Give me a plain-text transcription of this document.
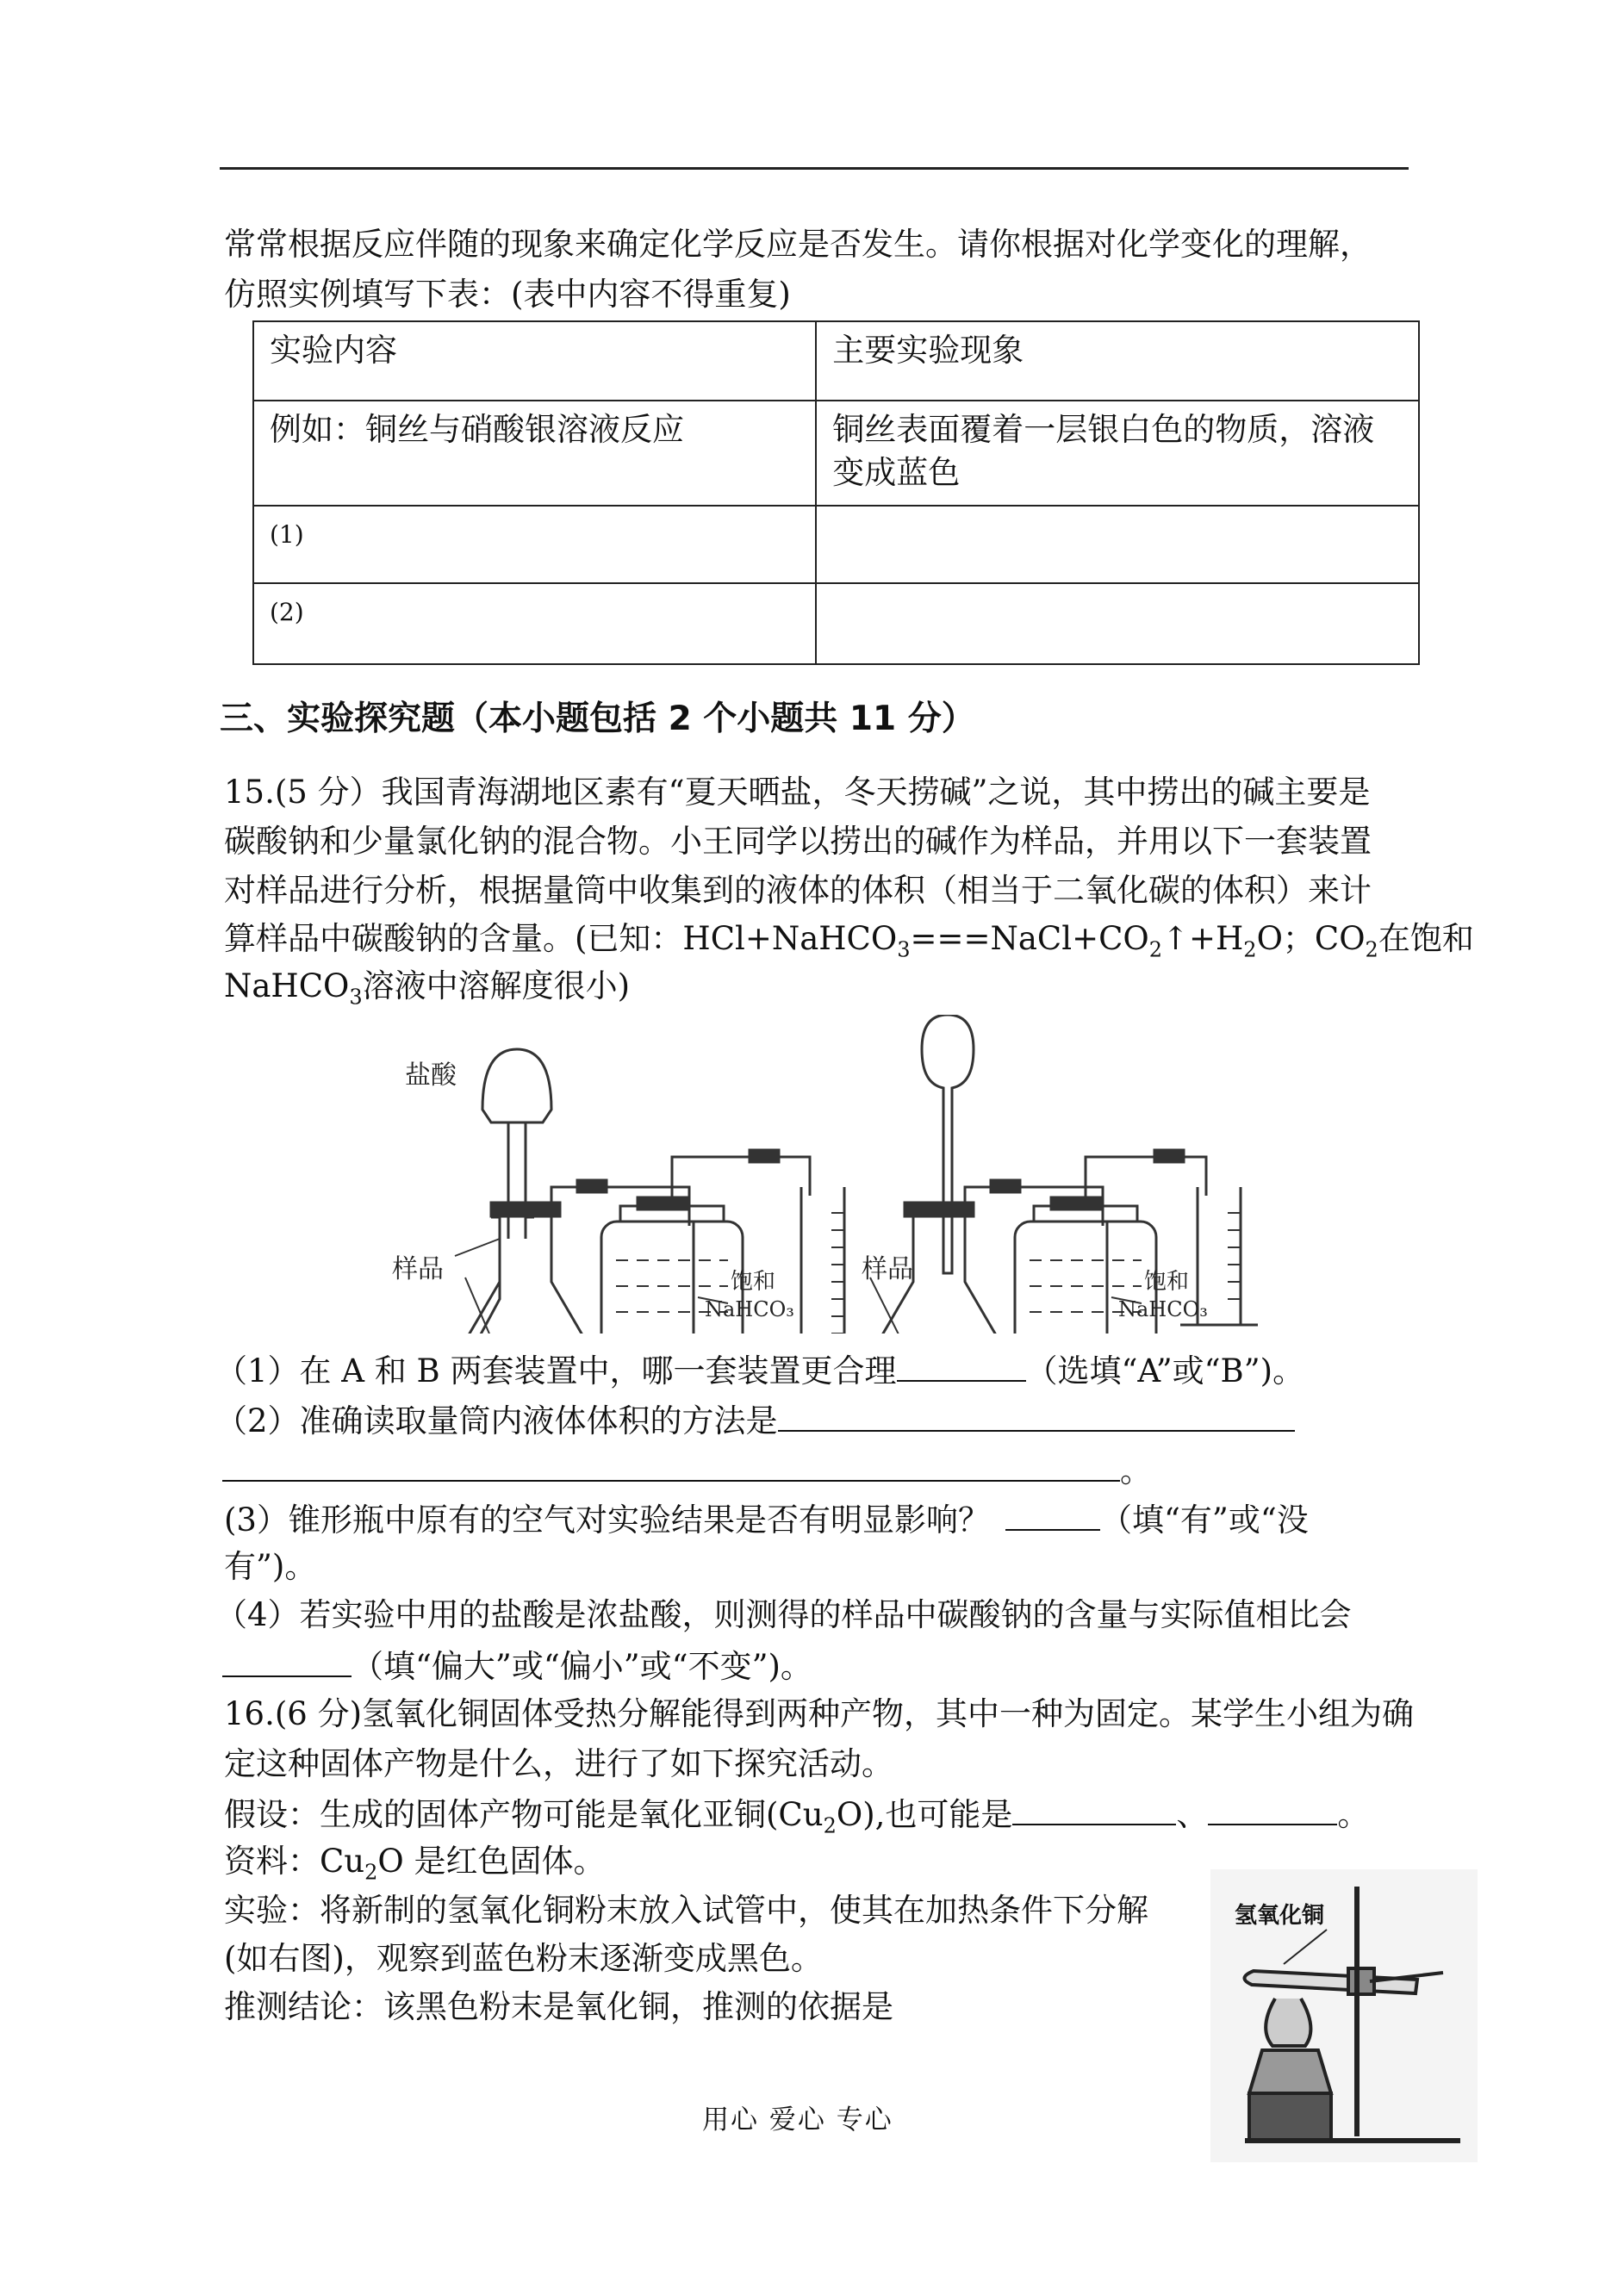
常常根据反应伴随的现象来确定化学反应是否发生。请你根据对化学变化的理解，
仿照实例填写下表：(表中内容不得重复)
实验内容	主要实验现象
例如：铜丝与硝酸银溶液反应	铜丝表面覆着一层银白色的物质，溶液
变成蓝色

(1)	
(2)	
三、实验探究题（本小题包括 2 个小题共 11 分）
15.(5 分）我国青海湖地区素有“夏天晒盐，冬天捞碱”之说，其中捞出的碱主要是
碳酸钠和少量氯化钠的混合物。小王同学以捞出的碱作为样品，并用以下一套装置
对样品进行分析，根据量筒中收集到的液体的体积（相当于二氧化碳的体积）来计
算样品中碳酸钠的含量。(已知：$HCl+NaHCO_3===NaCl+CO_2↑+H_2O$；$CO_2$在饱和
NaHCO$_3$溶液中溶解度很小)
盐酸
样品	饱和
NaHCO₃
样品	饱和
NaHCO₃
（1）在 A 和 B 两套装置中，哪一套装置更合理	（选填“A”或“B”)。
（2）准确读取量筒内液体体积的方法是
。
(3）锥形瓶中原有的空气对实验结果是否有明显影响？	（填“有”或“没
有”)。
（4）若实验中用的盐酸是浓盐酸，则测得的样品中碳酸钠的含量与实际值相比会
（填“偏大”或“偏小”或“不变”)。
16.(6 分)氢氧化铜固体受热分解能得到两种产物，其中一种为固定。某学生小组为确
定这种固体产物是什么，进行了如下探究活动。
假设：生成的固体产物可能是氧化亚铜$(Cu_2O)$,也可能是	、	。
资料：$Cu_2O$ 是红色固体。
实验：将新制的氢氧化铜粉末放入试管中，使其在加热条件下分解
(如右图)，观察到蓝色粉末逐渐变成黑色。
推测结论：该黑色粉末是氧化铜，推测的依据是
氢氧化铜
用心 爱心 专心
